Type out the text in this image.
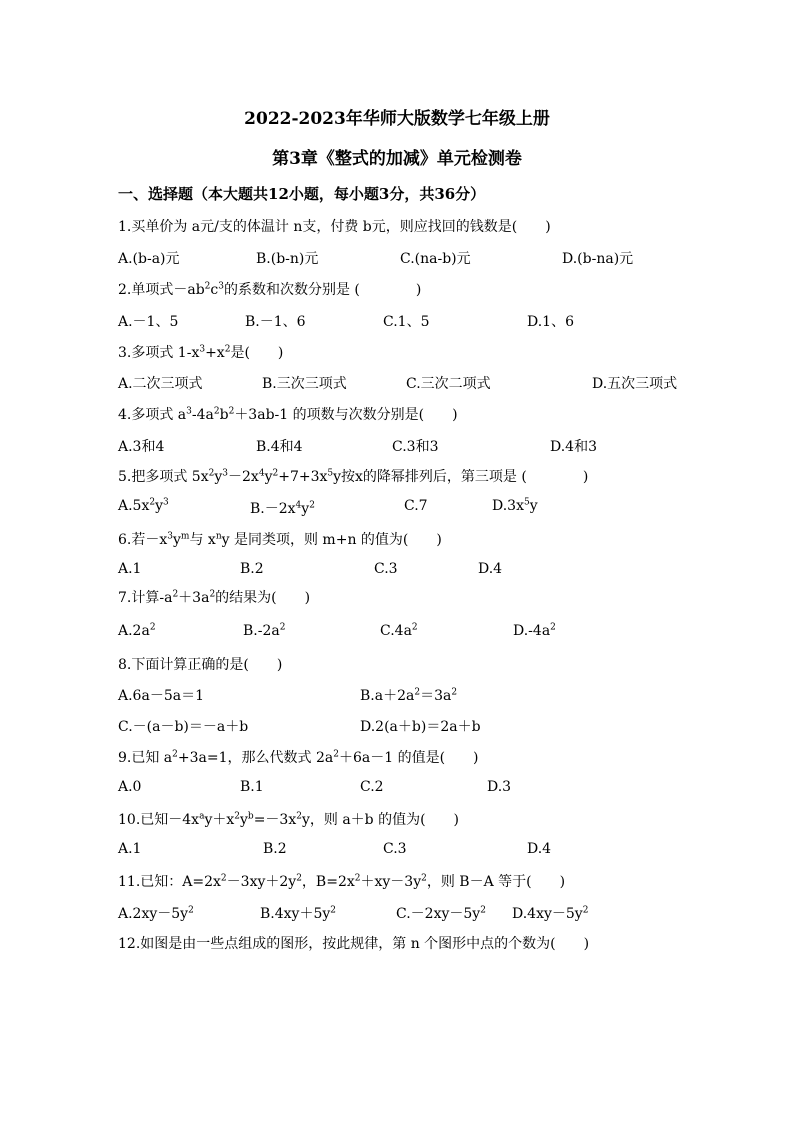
2022-2023年华师大版数学七年级上册
第3章《整式的加减》单元检测卷
一、选择题（本大题共12小题，每小题3分，共36分）
1.买单价为 a元/支的体温计 n支，付费 b元，则应找回的钱数是(　　)
A.(b-a)元	B.(b-n)元	C.(na-b)元	D.(b-na)元
2.单项式$-ab^2c^3$的系数和次数分别是 (　　　　)
A.－1、5	B.－1、6	C.1、5	D.1、6
3.多项式 $1-x^3+x^2$是(　　)
A.二次三项式	B.三次三项式	C.三次二项式	D.五次三项式
4.多项式 $a^3-4a^2b^2+3ab-1$ 的项数与次数分别是(　　)
A.3和4	B.4和4	C.3和3	D.4和3
5.把多项式 $5x^2y^3-2x^4y^2+7+3x^5y$按x的降幂排列后，第三项是 (　　　　)
$A.5x^2y^3$	$B.-2x^4y^2$	C.7	$D.3x^5y$
6.若$-x^3y^m$与 $x^ny$ 是同类项，则 m+n 的值为(　　)
A.1	B.2	C.3	D.4
7.计算$-a^2+3a^2$的结果为(　　)
$A.2a^2$	$B.-2a^2$	$C.4a^2$	$D.-4a^2$
8.下面计算正确的是(　　)
A.6a－5a＝1	$B.a+2a^2=3a^2$
C.－(a－b)＝－a＋b	D.2(a＋b)＝2a＋b
9.已知 $a^2+3a=1$，那么代数式 $2a^2+6a-1$ 的值是(　　)
A.0	B.1	C.2	D.3
10.已知$-4x^ay+x^2y^b=-3x^2y$，则 a＋b 的值为(　　)
A.1	B.2	C.3	D.4
11.已知：$A=2x^2-3xy+2y^2$，$B=2x^2+xy-3y^2$，则 B－A 等于(　　)
$A.2xy-5y^2$	$B.4xy+5y^2$	$C.-2xy-5y^2$ $D.4xy-5y^2$
12.如图是由一些点组成的图形，按此规律，第 n 个图形中点的个数为(　　)
